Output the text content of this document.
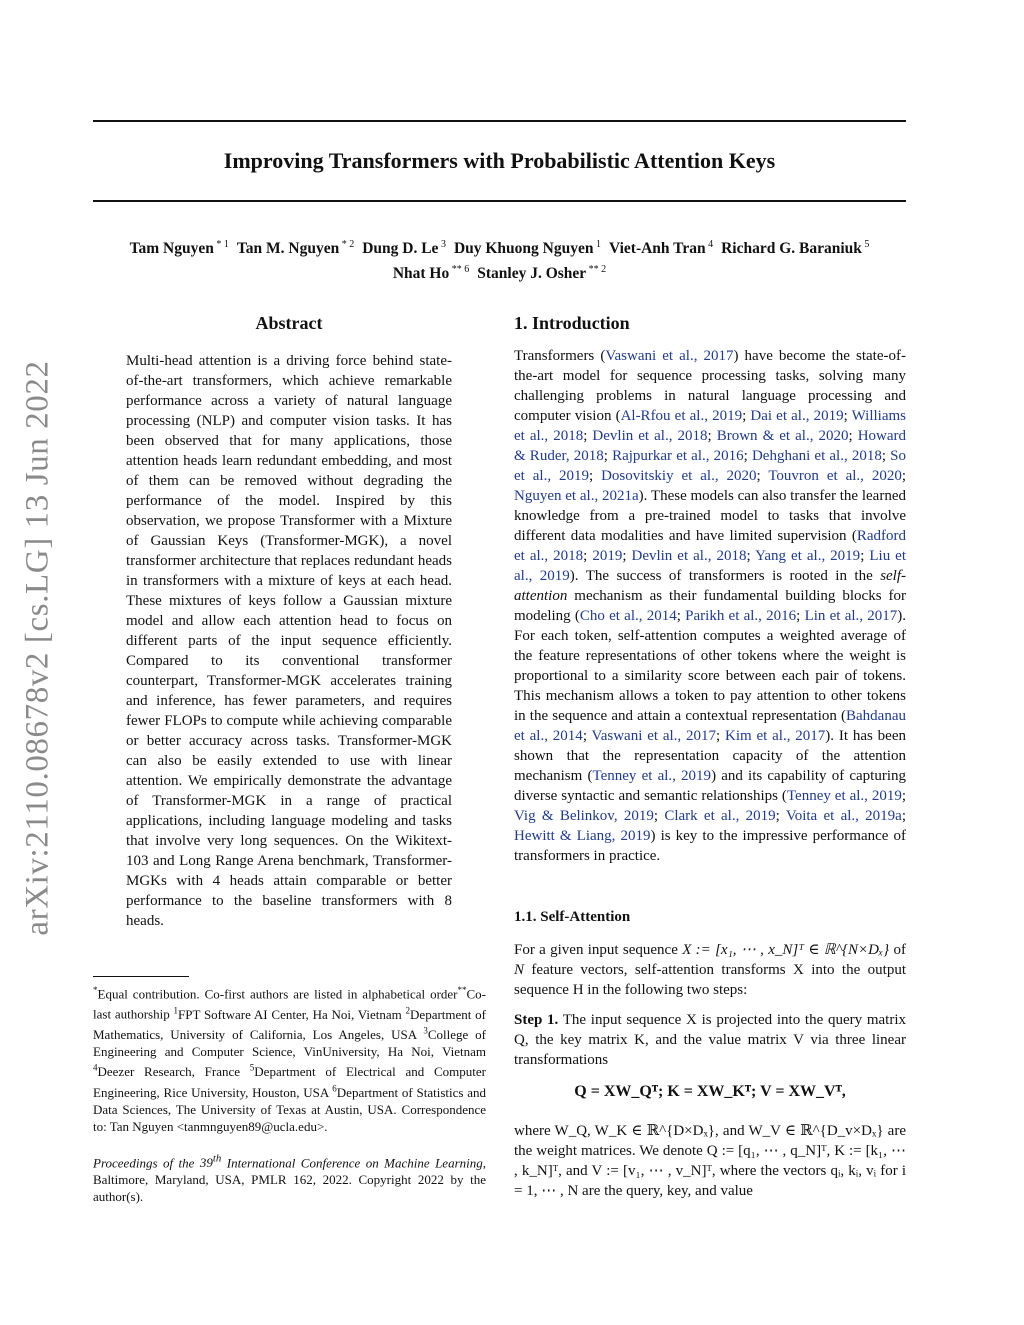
Improving Transformers with Probabilistic Attention Keys
Tam Nguyen $^{* 1}$ Tan M. Nguyen $^{* 2}$ Dung D. Le $^3$ Duy Khuong Nguyen $^1$ Viet-Anh Tran $^4$ Richard G. Baraniuk $^5$
Nhat Ho $^{** 6}$ Stanley J. Osher $^{** 2}$
arXiv:2110.08678v2 [cs.LG] 13 Jun 2022
Abstract
Multi-head attention is a driving force behind state-of-the-art transformers, which achieve remarkable performance across a variety of natural language processing (NLP) and computer vision tasks. It has been observed that for many applications, those attention heads learn redundant embedding, and most of them can be removed without degrading the performance of the model. Inspired by this observation, we propose Transformer with a Mixture of Gaussian Keys (Transformer-MGK), a novel transformer architecture that replaces redundant heads in transformers with a mixture of keys at each head. These mixtures of keys follow a Gaussian mixture model and allow each attention head to focus on different parts of the input sequence efficiently. Compared to its conventional transformer counterpart, Transformer-MGK accelerates training and inference, has fewer parameters, and requires fewer FLOPs to compute while achieving comparable or better accuracy across tasks. Transformer-MGK can also be easily extended to use with linear attention. We empirically demonstrate the advantage of Transformer-MGK in a range of practical applications, including language modeling and tasks that involve very long sequences. On the Wikitext-103 and Long Range Arena benchmark, Transformer-MGKs with 4 heads attain comparable or better performance to the baseline transformers with 8 heads.
*Equal contribution. Co-first authors are listed in alphabetical order**Co-last authorship $^1$FPT Software AI Center, Ha Noi, Vietnam $^2$Department of Mathematics, University of California, Los Angeles, USA $^3$College of Engineering and Computer Science, VinUniversity, Ha Noi, Vietnam $^4$Deezer Research, France $^5$Department of Electrical and Computer Engineering, Rice University, Houston, USA $^6$Department of Statistics and Data Sciences, The University of Texas at Austin, USA. Correspondence to: Tan Nguyen <tanmnguyen89@ucla.edu>.
Proceedings of the 39th International Conference on Machine Learning, Baltimore, Maryland, USA, PMLR 162, 2022. Copyright 2022 by the author(s).
1. Introduction
Transformers (Vaswani et al., 2017) have become the state-of-the-art model for sequence processing tasks, solving many challenging problems in natural language processing and computer vision (Al-Rfou et al., 2019; Dai et al., 2019; Williams et al., 2018; Devlin et al., 2018; Brown & et al., 2020; Howard & Ruder, 2018; Rajpurkar et al., 2016; Dehghani et al., 2018; So et al., 2019; Dosovitskiy et al., 2020; Touvron et al., 2020; Nguyen et al., 2021a). These models can also transfer the learned knowledge from a pre-trained model to tasks that involve different data modalities and have limited supervision (Radford et al., 2018; 2019; Devlin et al., 2018; Yang et al., 2019; Liu et al., 2019). The success of transformers is rooted in the self-attention mechanism as their fundamental building blocks for modeling (Cho et al., 2014; Parikh et al., 2016; Lin et al., 2017). For each token, self-attention computes a weighted average of the feature representations of other tokens where the weight is proportional to a similarity score between each pair of tokens. This mechanism allows a token to pay attention to other tokens in the sequence and attain a contextual representation (Bahdanau et al., 2014; Vaswani et al., 2017; Kim et al., 2017). It has been shown that the representation capacity of the attention mechanism (Tenney et al., 2019) and its capability of capturing diverse syntactic and semantic relationships (Tenney et al., 2019; Vig & Belinkov, 2019; Clark et al., 2019; Voita et al., 2019a; Hewitt & Liang, 2019) is key to the impressive performance of transformers in practice.
1.1. Self-Attention
For a given input sequence X := [x₁, ⋯ , x_N]ᵀ ∈ ℝ^{N×Dₓ} of N feature vectors, self-attention transforms X into the output sequence H in the following two steps:
Step 1. The input sequence X is projected into the query matrix Q, the key matrix K, and the value matrix V via three linear transformations
Q = XW_Qᵀ; K = XW_Kᵀ; V = XW_Vᵀ,
where W_Q, W_K ∈ ℝ^{D×Dₓ}, and W_V ∈ ℝ^{D_v×Dₓ} are the weight matrices. We denote Q := [q₁, ⋯ , q_N]ᵀ, K := [k₁, ⋯ , k_N]ᵀ, and V := [v₁, ⋯ , v_N]ᵀ, where the vectors qᵢ, kᵢ, vᵢ for i = 1, ⋯ , N are the query, key, and value
